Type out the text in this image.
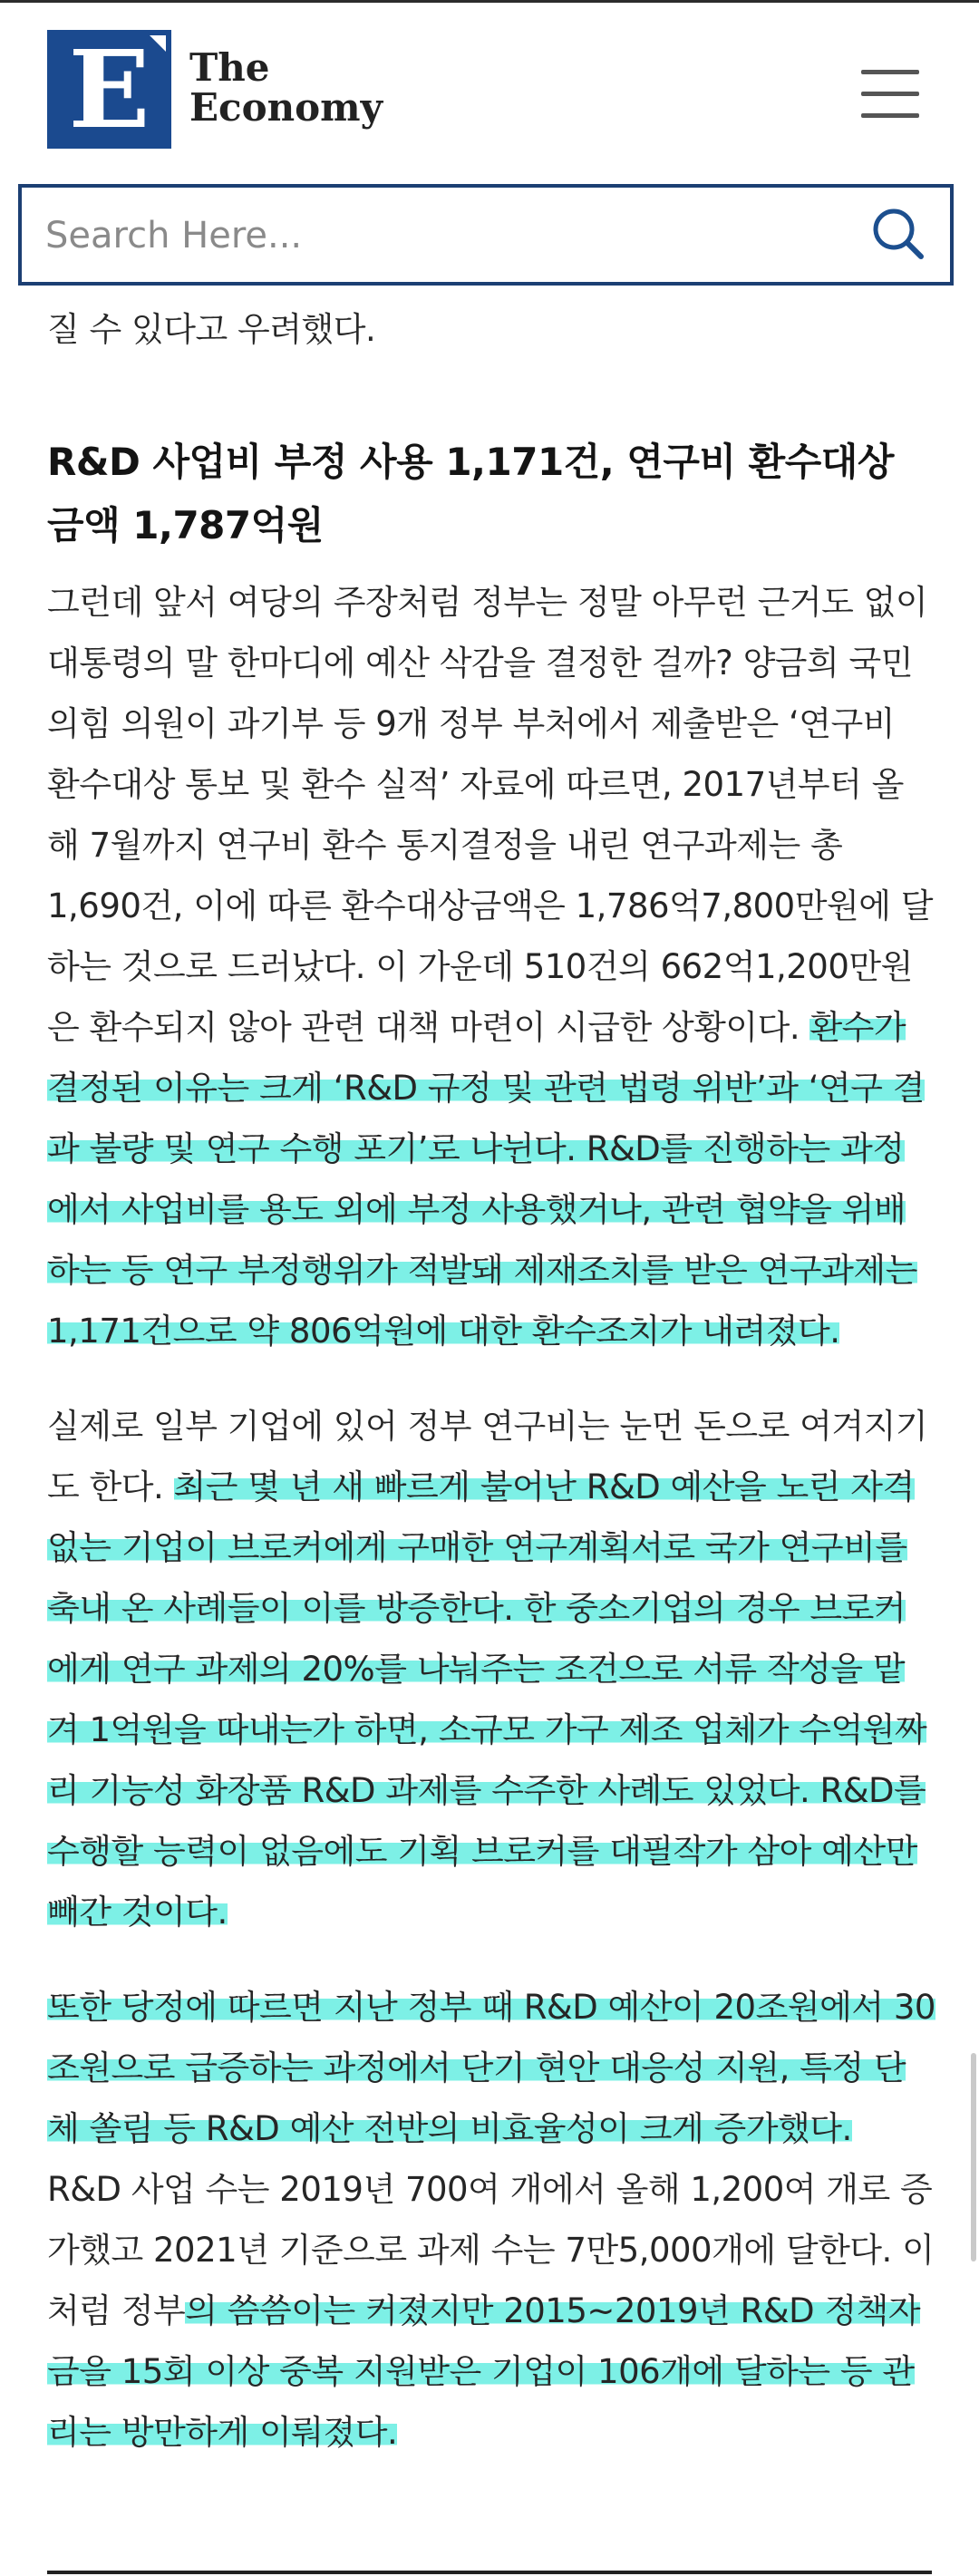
E	The
Economy
Search Here...

질 수 있다고 우려했다.

R&D 사업비 부정 사용 1,171건, 연구비 환수대상 금액 1,787억원

그런데 앞서 여당의 주장처럼 정부는 정말 아무런 근거도 없이 대통령의 말 한마디에 예산 삭감을 결정한 걸까? 양금희 국민의힘 의원이 과기부 등 9개 정부 부처에서 제출받은 ‘연구비 환수대상 통보 및 환수 실적’ 자료에 따르면, 2017년부터 올해 7월까지 연구비 환수 통지결정을 내린 연구과제는 총 1,690건, 이에 따른 환수대상금액은 1,786억7,800만원에 달하는 것으로 드러났다. 이 가운데 510건의 662억1,200만원은 환수되지 않아 관련 대책 마련이 시급한 상황이다. 환수가 결정된 이유는 크게 ‘R&D 규정 및 관련 법령 위반’과 ‘연구 결과 불량 및 연구 수행 포기’로 나뉜다. R&D를 진행하는 과정에서 사업비를 용도 외에 부정 사용했거나, 관련 협약을 위배하는 등 연구 부정행위가 적발돼 제재조치를 받은 연구과제는 1,171건으로 약 806억원에 대한 환수조치가 내려졌다.

실제로 일부 기업에 있어 정부 연구비는 눈먼 돈으로 여겨지기도 한다. 최근 몇 년 새 빠르게 불어난 R&D 예산을 노린 자격 없는 기업이 브로커에게 구매한 연구계획서로 국가 연구비를 축내 온 사례들이 이를 방증한다. 한 중소기업의 경우 브로커에게 연구 과제의 20%를 나눠주는 조건으로 서류 작성을 맡겨 1억원을 따내는가 하면, 소규모 가구 제조 업체가 수억원짜리 기능성 화장품 R&D 과제를 수주한 사례도 있었다. R&D를 수행할 능력이 없음에도 기획 브로커를 대필작가 삼아 예산만 빼간 것이다.

또한 당정에 따르면 지난 정부 때 R&D 예산이 20조원에서 30조원으로 급증하는 과정에서 단기 현안 대응성 지원, 특정 단체 쏠림 등 R&D 예산 전반의 비효율성이 크게 증가했다. R&D 사업 수는 2019년 700여 개에서 올해 1,200여 개로 증가했고 2021년 기준으로 과제 수는 7만5,000개에 달한다. 이처럼 정부의 씀씀이는 커졌지만 2015~2019년 R&D 정책자금을 15회 이상 중복 지원받은 기업이 106개에 달하는 등 관리는 방만하게 이뤄졌다.
